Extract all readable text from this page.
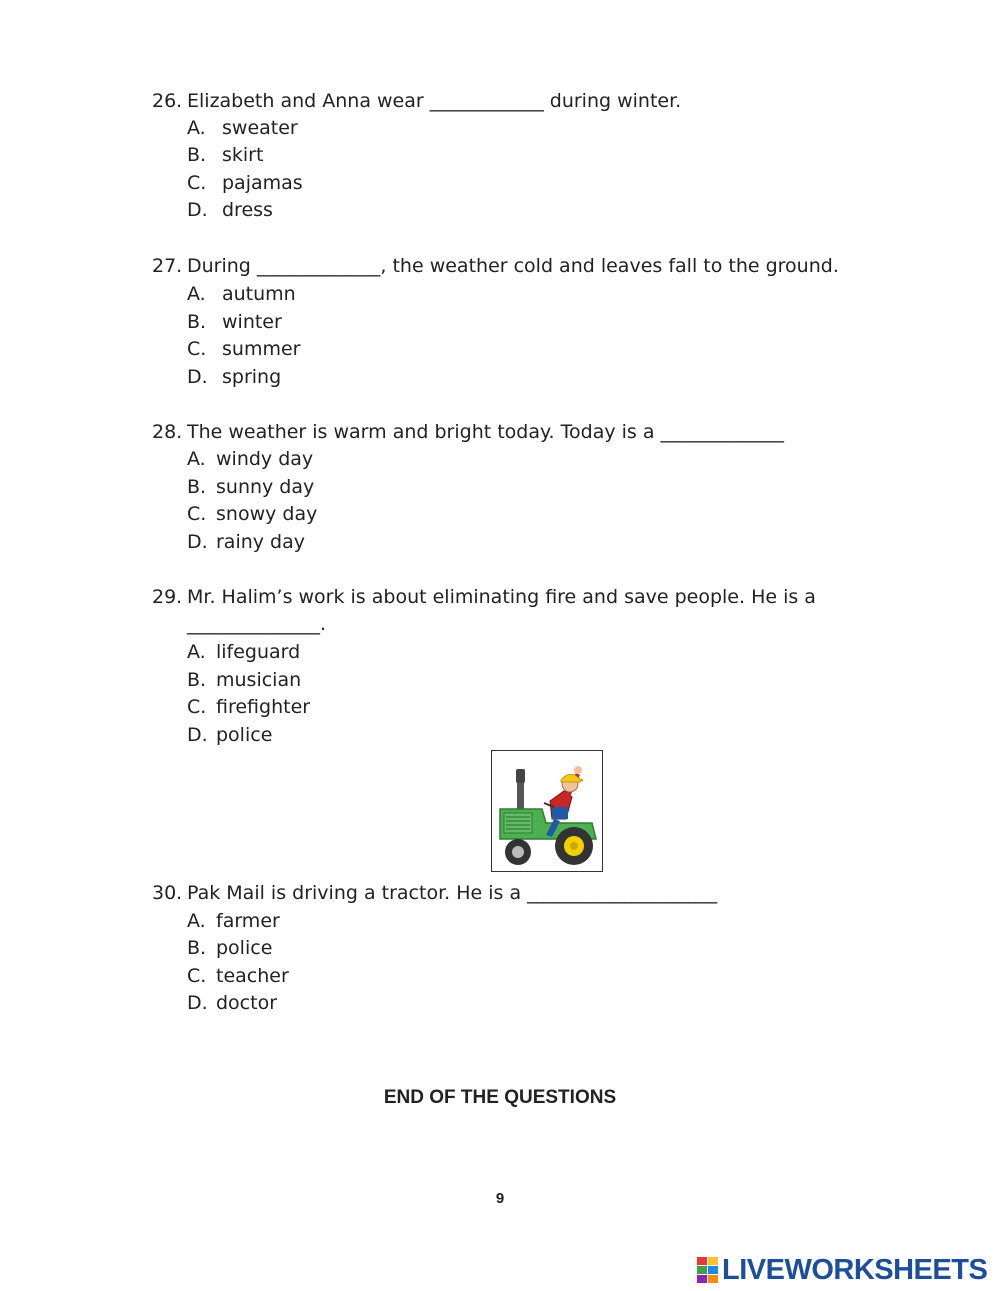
26. Elizabeth and Anna wear ____________ during winter.
A. sweater
B. skirt
C. pajamas
D. dress
27. During _____________, the weather cold and leaves fall to the ground.
A. autumn
B. winter
C. summer
D. spring
28. The weather is warm and bright today. Today is a _____________
A. windy day
B. sunny day
C. snowy day
D. rainy day
29. Mr. Halim’s work is about eliminating fire and save people. He is a
______________.
A. lifeguard
B. musician
C. firefighter
D. police
30. Pak Mail is driving a tractor. He is a ____________________
A. farmer
B. police
C. teacher
D. doctor
END OF THE QUESTIONS
9
LIVEWORKSHEETS
